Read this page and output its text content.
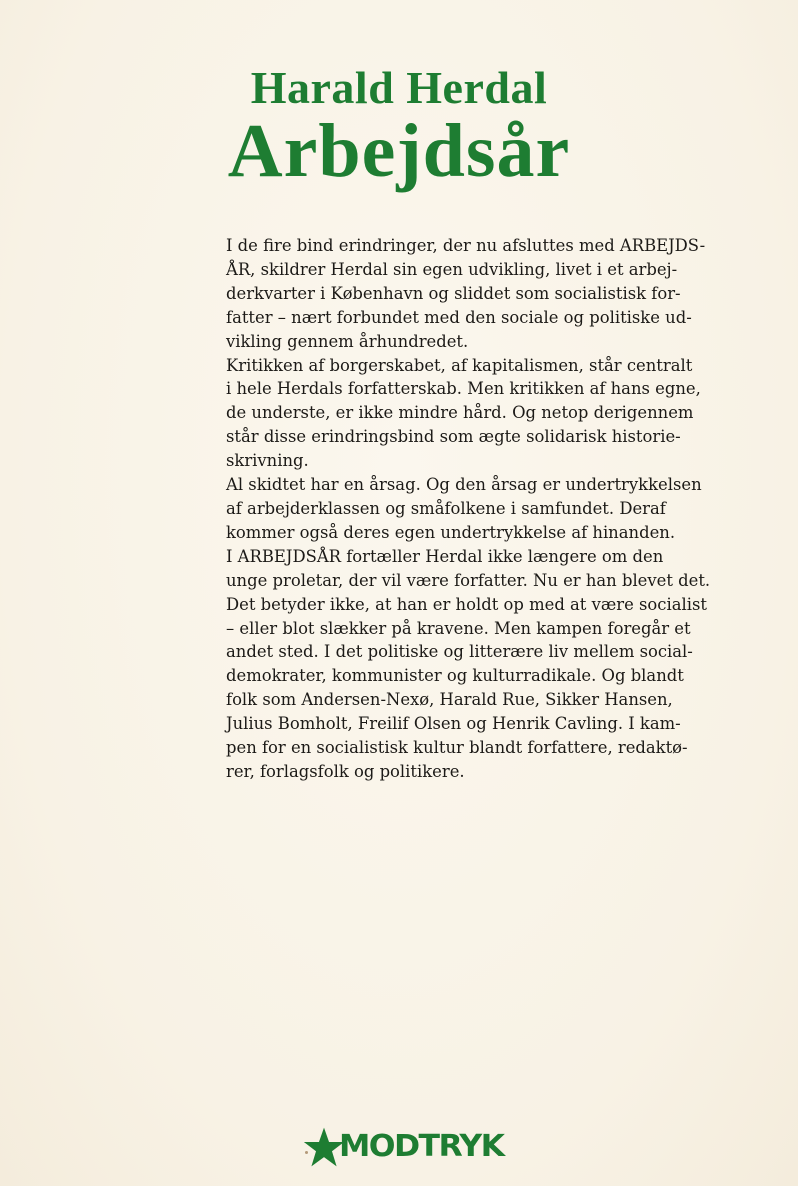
Harald Herdal
Arbejdsår
I de fire bind erindringer, der nu afsluttes med ARBEJDS-
ÅR, skildrer Herdal sin egen udvikling, livet i et arbej-
derkvarter i København og sliddet som socialistisk for-
fatter – nært forbundet med den sociale og politiske ud-
vikling gennem århundredet.
Kritikken af borgerskabet, af kapitalismen, står centralt
i hele Herdals forfatterskab. Men kritikken af hans egne,
de underste, er ikke mindre hård. Og netop derigennem
står disse erindringsbind som ægte solidarisk historie-
skrivning.
Al skidtet har en årsag. Og den årsag er undertrykkelsen
af arbejderklassen og småfolkene i samfundet. Deraf
kommer også deres egen undertrykkelse af hinanden.
I ARBEJDSÅR fortæller Herdal ikke længere om den
unge proletar, der vil være forfatter. Nu er han blevet det.
Det betyder ikke, at han er holdt op med at være socialist
– eller blot slækker på kravene. Men kampen foregår et
andet sted. I det politiske og litterære liv mellem social-
demokrater, kommunister og kulturradikale. Og blandt
folk som Andersen-Nexø, Harald Rue, Sikker Hansen,
Julius Bomholt, Freilif Olsen og Henrik Cavling. I kam-
pen for en socialistisk kultur blandt forfattere, redaktø-
rer, forlagsfolk og politikere.
MODTRYK
